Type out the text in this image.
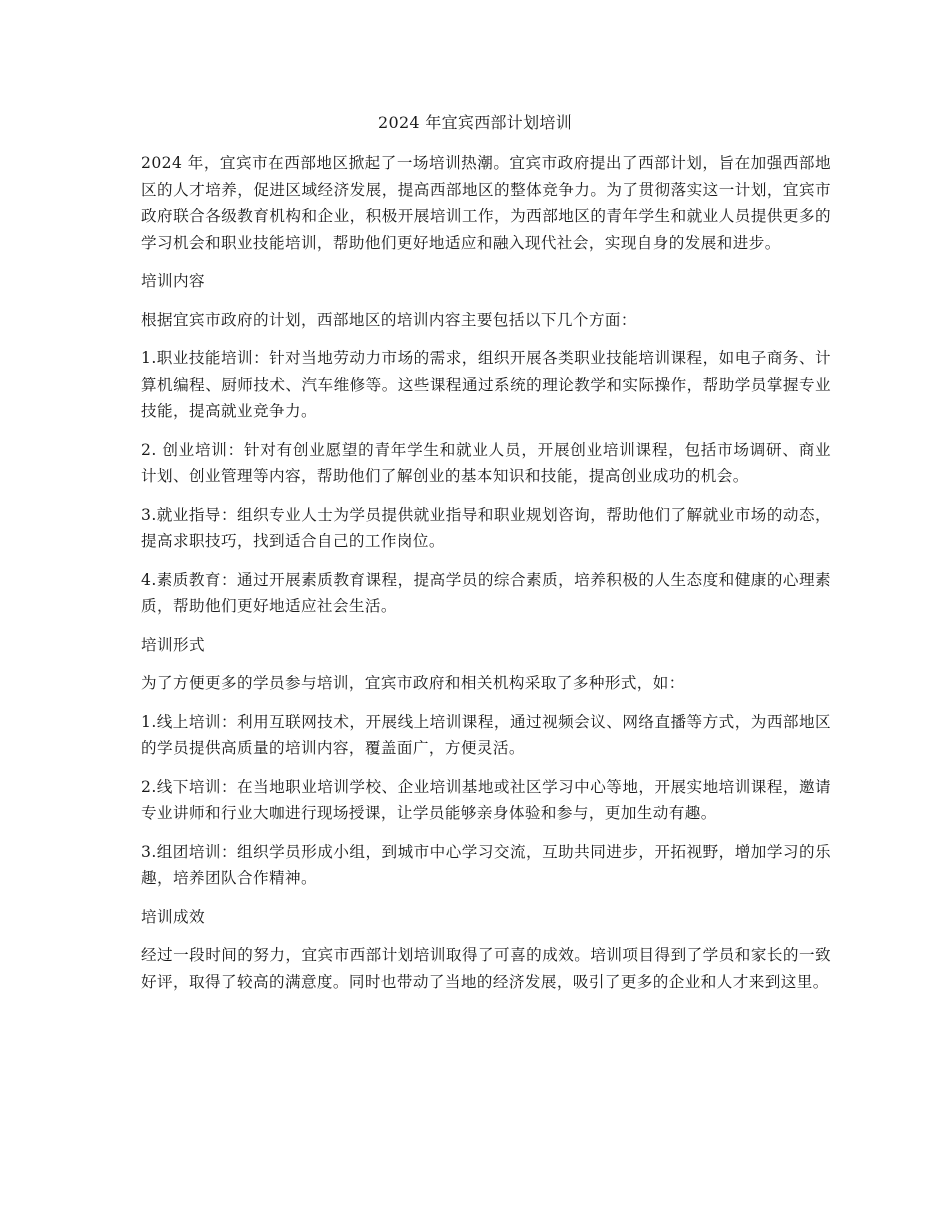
2024 年宜宾西部计划培训

2024 年，宜宾市在西部地区掀起了一场培训热潮。宜宾市政府提出了西部计划，旨在加强西部地区的人才培养，促进区域经济发展，提高西部地区的整体竞争力。为了贯彻落实这一计划，宜宾市政府联合各级教育机构和企业，积极开展培训工作，为西部地区的青年学生和就业人员提供更多的学习机会和职业技能培训，帮助他们更好地适应和融入现代社会，实现自身的发展和进步。

培训内容

根据宜宾市政府的计划，西部地区的培训内容主要包括以下几个方面：

1.职业技能培训：针对当地劳动力市场的需求，组织开展各类职业技能培训课程，如电子商务、计算机编程、厨师技术、汽车维修等。这些课程通过系统的理论教学和实际操作，帮助学员掌握专业技能，提高就业竞争力。

2. 创业培训：针对有创业愿望的青年学生和就业人员，开展创业培训课程，包括市场调研、商业计划、创业管理等内容，帮助他们了解创业的基本知识和技能，提高创业成功的机会。

3.就业指导：组织专业人士为学员提供就业指导和职业规划咨询，帮助他们了解就业市场的动态，提高求职技巧，找到适合自己的工作岗位。

4.素质教育：通过开展素质教育课程，提高学员的综合素质，培养积极的人生态度和健康的心理素质，帮助他们更好地适应社会生活。

培训形式

为了方便更多的学员参与培训，宜宾市政府和相关机构采取了多种形式，如：

1.线上培训：利用互联网技术，开展线上培训课程，通过视频会议、网络直播等方式，为西部地区的学员提供高质量的培训内容，覆盖面广，方便灵活。

2.线下培训：在当地职业培训学校、企业培训基地或社区学习中心等地，开展实地培训课程，邀请专业讲师和行业大咖进行现场授课，让学员能够亲身体验和参与，更加生动有趣。

3.组团培训：组织学员形成小组，到城市中心学习交流，互助共同进步，开拓视野，增加学习的乐趣，培养团队合作精神。

培训成效

经过一段时间的努力，宜宾市西部计划培训取得了可喜的成效。培训项目得到了学员和家长的一致好评，取得了较高的满意度。同时也带动了当地的经济发展，吸引了更多的企业和人才来到这里。
